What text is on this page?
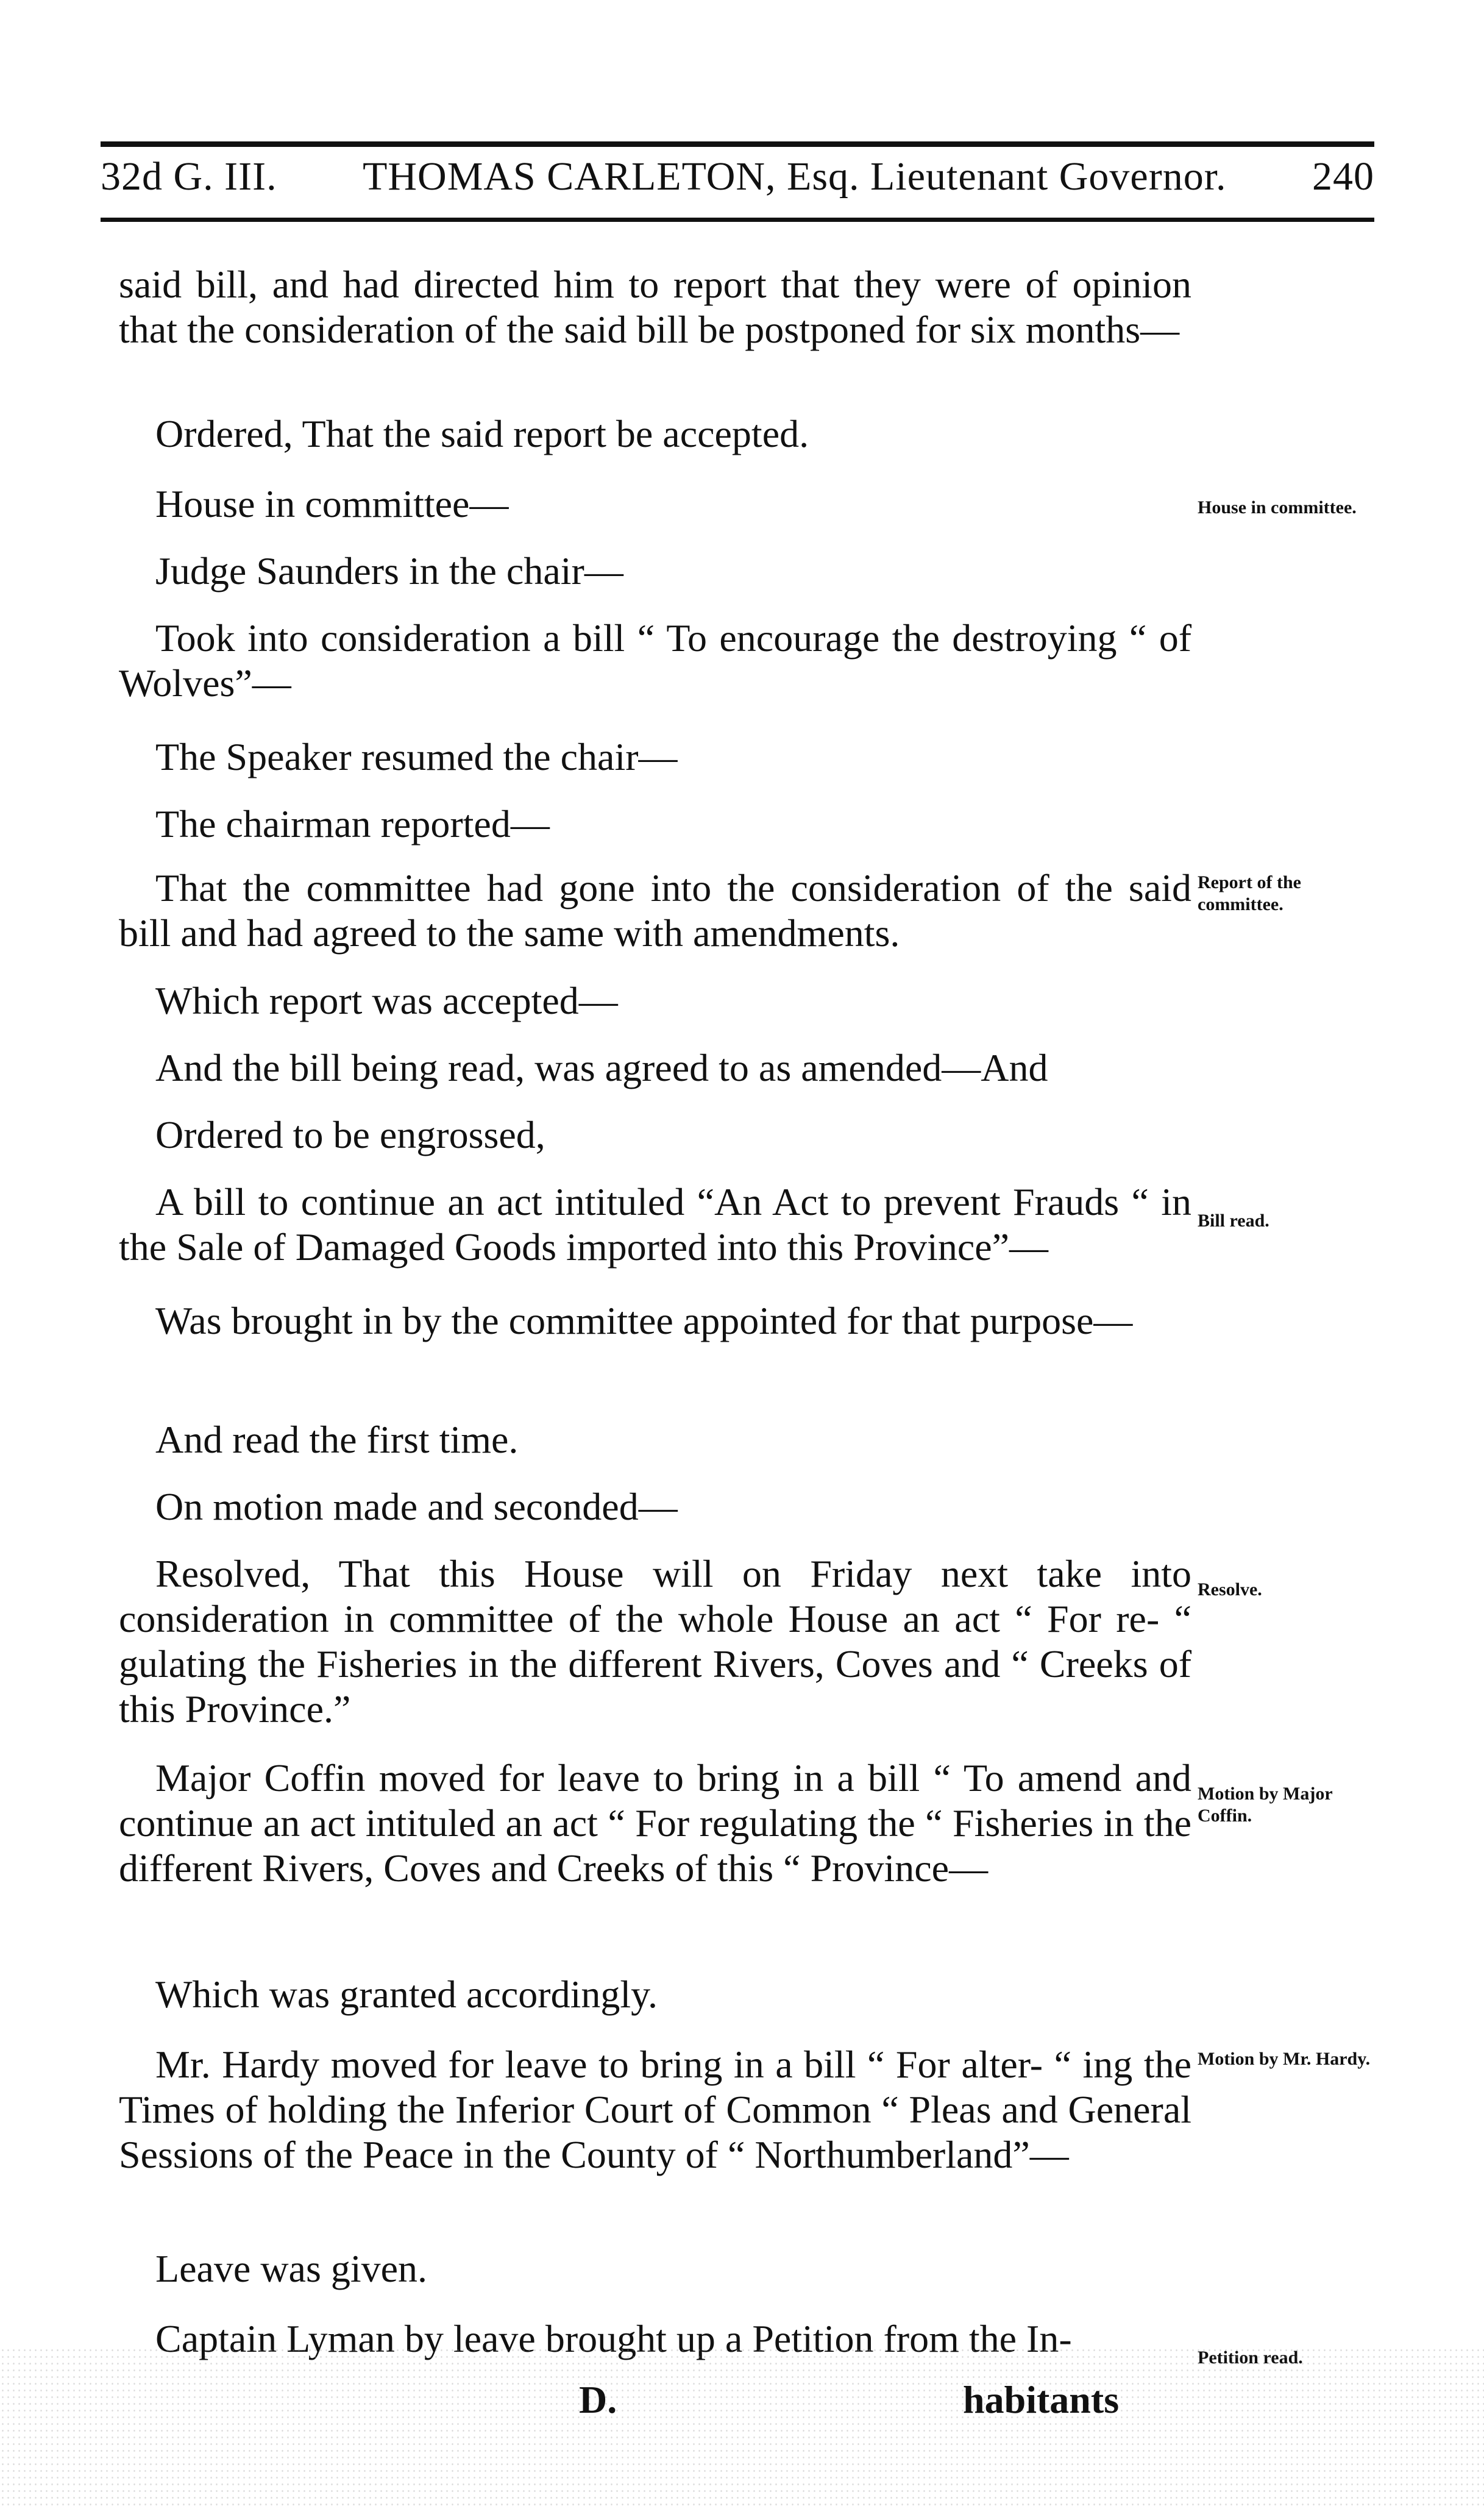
32d G. III. THOMAS CARLETON, Esq. Lieutenant Governor. 240

said bill, and had directed him to report that they were of opinion that the consideration of the said bill be postponed for six months—

Ordered, That the said report be accepted.

House in committee—

Judge Saunders in the chair—

Took into consideration a bill “ To encourage the destroying “ of Wolves”—

The Speaker resumed the chair—

The chairman reported—

That the committee had gone into the consideration of the said bill and had agreed to the same with amendments.

Which report was accepted—

And the bill being read, was agreed to as amended—And

Ordered to be engrossed,

A bill to continue an act intituled “An Act to prevent Frauds “ in the Sale of Damaged Goods imported into this Province”—

Was brought in by the committee appointed for that purpose—

And read the first time.

On motion made and seconded—

Resolved, That this House will on Friday next take into consideration in committee of the whole House an act “ For re- “ gulating the Fisheries in the different Rivers, Coves and “ Creeks of this Province.”

Major Coffin moved for leave to bring in a bill “ To amend and continue an act intituled an act “ For regulating the “ Fisheries in the different Rivers, Coves and Creeks of this “ Province—

Which was granted accordingly.

Mr. Hardy moved for leave to bring in a bill “ For alter- “ ing the Times of holding the Inferior Court of Common “ Pleas and General Sessions of the Peace in the County of “ Northumberland”—

Leave was given.

Captain Lyman by leave brought up a Petition from the In-

House in committee.
Report of the committee.
Bill read.
Resolve.
Motion by Major Coffin.
Motion by Mr. Hardy.
Petition read.
D.	habitants
